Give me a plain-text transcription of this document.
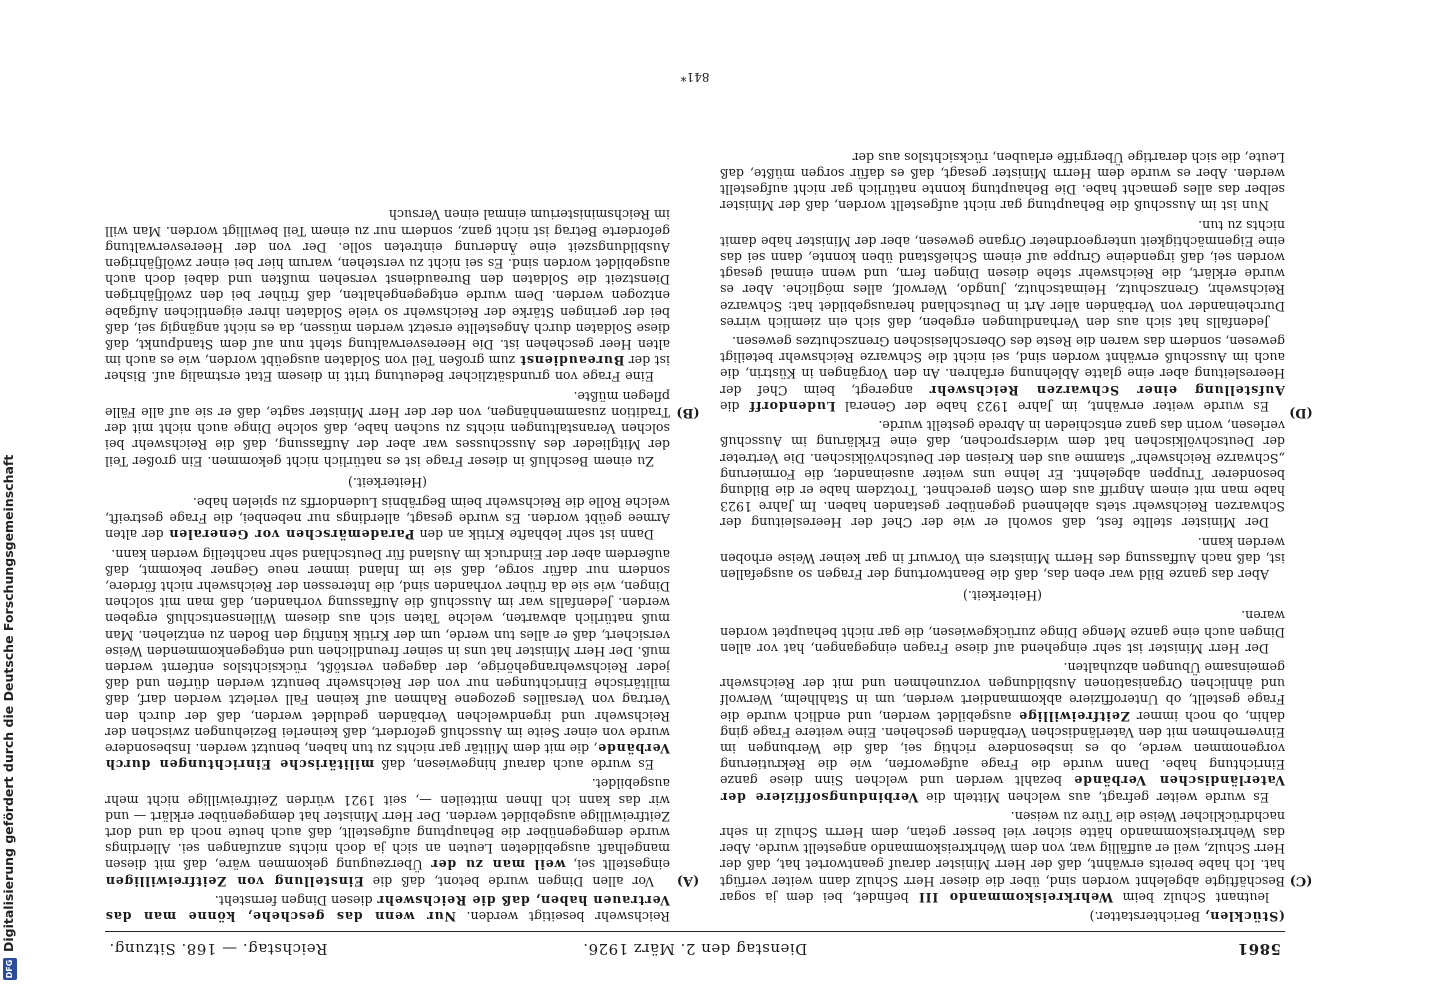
5861
Dienstag den 2. März 1926.
Reichstag. — 168. Sitzung.

(Stücklen, Berichterstatter.)

leutnant Schulz beim Wehrkreiskommando III befindet, bei dem ja sogar Beschäftigte abgelehnt worden sind, über die dieser Herr Schulz dann weiter verfügt hat. Ich habe bereits erwähnt, daß der Herr Minister darauf geantwortet hat, daß der Herr Schulz, weil er auffällig war, von dem Wehrkreiskommando angestellt wurde. Aber das Wehrkreiskommando hätte sicher viel besser getan, dem Herrn Schulz in sehr nachdrücklicher Weise die Türe zu weisen.

Es wurde weiter gefragt, aus welchen Mitteln die Verbindungsoffiziere der Vaterländischen Verbände bezahlt werden und welchen Sinn diese ganze Einrichtung habe. Dann wurde die Frage aufgeworfen, wie die Rekrutierung vorgenommen werde, ob es insbesondere richtig sei, daß die Werbungen im Einvernehmen mit den Vaterländischen Verbänden geschehen. Eine weitere Frage ging dahin, ob noch immer Zeitfreiwillige ausgebildet werden, und endlich wurde die Frage gestellt, ob Unteroffiziere abkommandiert werden, um in Stahlhelm, Werwolf und ähnlichen Organisationen Ausbildungen vorzunehmen und mit der Reichswehr gemeinsame Übungen abzuhalten.

Der Herr Minister ist sehr eingehend auf diese Fragen eingegangen, hat vor allen Dingen auch eine ganze Menge Dinge zurückgewiesen, die gar nicht behauptet worden waren.

(Heiterkeit.)

Aber das ganze Bild war eben das, daß die Beantwortung der Fragen so ausgefallen ist, daß nach Auffassung des Herrn Ministers ein Vorwurf in gar keiner Weise erhoben werden kann.

Der Minister stellte fest, daß sowohl er wie der Chef der Heeresleitung der Schwarzen Reichswehr stets ablehnend gegenüber gestanden haben. Im Jahre 1923 habe man mit einem Angriff aus dem Osten gerechnet. Trotzdem habe er die Bildung besonderer Truppen abgelehnt. Er lehne uns weiter auseinander, die Formierung „Schwarze Reichswehr“ stamme aus den Kreisen der Deutschvölkischen. Die Vertreter der Deutschvölkischen hat dem widersprochen, daß eine Erklärung im Ausschuß verlesen, worin das ganz entschieden in Abrede gestellt wurde.

Es wurde weiter erwähnt, im Jahre 1923 habe der General Ludendorff die Aufstellung einer Schwarzen Reichswehr angeregt, beim Chef der Heeresleitung aber eine glatte Ablehnung erfahren. An den Vorgängen in Küstrin, die auch im Ausschuß erwähnt worden sind, sei nicht die Schwarze Reichswehr beteiligt gewesen, sondern das waren die Reste des Oberschlesischen Grenzschutzes gewesen.

Jedenfalls hat sich aus den Verhandlungen ergeben, daß sich ein ziemlich wirres Durcheinander von Verbänden aller Art in Deutschland herausgebildet hat: Schwarze Reichswehr, Grenzschutz, Heimatschutz, Jungdo, Werwolf, alles mögliche. Aber es wurde erklärt, die Reichswehr stehe diesen Dingen fern, und wenn einmal gesagt worden sei, daß irgendeine Gruppe auf einem Schießstand üben konnte, dann sei das eine Eigenmächtigkeit untergeordneter Organe gewesen, aber der Minister habe damit nichts zu tun.

Nun ist im Ausschuß die Behauptung gar nicht aufgestellt worden, daß der Minister selber das alles gemacht habe. Die Behauptung konnte natürlich gar nicht aufgestellt werden. Aber es wurde dem Herrn Minister gesagt, daß es dafür sorgen müßte, daß Leute, die sich derartige Übergriffe erlauben, rücksichtslos aus der

Reichswehr beseitigt werden. Nur wenn das geschehe, könne man das Vertrauen haben, daß die Reichswehr diesen Dingen fernsteht.

Vor allen Dingen wurde betont, daß die Einstellung von Zeitfreiwilligen eingestellt sei, weil man zu der Überzeugung gekommen wäre, daß mit diesen mangelhaft ausgebildeten Leuten an sich ja doch nichts anzufangen sei. Allerdings wurde demgegenüber die Behauptung aufgestellt, daß auch heute noch da und dort Zeitfreiwillige ausgebildet werden. Der Herr Minister hat demgegenüber erklärt — und wir das kann ich Ihnen mitteilen —, seit 1921 würden Zeitfreiwillige nicht mehr ausgebildet.

Es wurde auch darauf hingewiesen, daß militärische Einrichtungen durch Verbände, die mit dem Militär gar nichts zu tun haben, benutzt werden. Insbesondere wurde von einer Seite im Ausschuß gefordert, daß keinerlei Beziehungen zwischen der Reichswehr und irgendwelchen Verbänden geduldet werden, daß der durch den Vertrag von Versailles gezogene Rahmen auf keinen Fall verletzt werden darf, daß militärische Einrichtungen nur von der Reichswehr benutzt werden dürfen und daß jeder Reichswehrangehörige, der dagegen verstößt, rücksichtslos entfernt werden muß. Der Herr Minister hat uns in seiner freundlichen und entgegenkommenden Weise versichert, daß er alles tun werde, um der Kritik künftig den Boden zu entziehen. Man muß natürlich abwarten, welche Taten sich aus diesem Willensentschluß ergeben werden. Jedenfalls war im Ausschuß die Auffassung vorhanden, daß man mit solchen Dingen, wie sie da früher vorhanden sind, die Interessen der Reichswehr nicht fördere, sondern nur dafür sorge, daß sie im Inland immer neue Gegner bekommt, daß außerdem aber der Eindruck im Ausland für Deutschland sehr nachteilig werden kann.

Dann ist sehr lebhafte Kritik an den Parademärschen vor Generalen der alten Armee geübt worden. Es wurde gesagt, allerdings nur nebenbei, die Frage gestreift, welche Rolle die Reichswehr beim Begräbnis Ludendorffs zu spielen habe.

(Heiterkeit.)

Zu einem Beschluß in dieser Frage ist es natürlich nicht gekommen. Ein großer Teil der Mitglieder des Ausschusses war aber der Auffassung, daß die Reichswehr bei solchen Veranstaltungen nichts zu suchen habe, daß solche Dinge auch nicht mit der Tradition zusammenhängen, von der der Herr Minister sagte, daß er sie auf alle Fälle pflegen müßte.

Eine Frage von grundsätzlicher Bedeutung tritt in diesem Etat erstmalig auf. Bisher ist der Bureaudienst zum großen Teil von Soldaten ausgeübt worden, wie es auch im alten Heer geschehen ist. Die Heeresverwaltung steht nun auf dem Standpunkt, daß diese Soldaten durch Angestellte ersetzt werden müssen, da es nicht angängig sei, daß bei der geringen Stärke der Reichswehr so viele Soldaten ihrer eigentlichen Aufgabe entzogen werden. Dem wurde entgegengehalten, daß früher bei den zwölfjährigen Dienstzeit die Soldaten den Bureaudienst versehen mußten und dabei doch auch ausgebildet worden sind. Es sei nicht zu verstehen, warum hier bei einer zwölfjährigen Ausbildungszeit eine Änderung eintreten solle. Der von der Heeresverwaltung geforderte Betrag ist nicht ganz, sondern nur zu einem Teil bewilligt worden. Man will im Reichsministerium einmal einen Versuch

(A)
(B)
(C)
(D)
841*
DFGDigitalisierung gefördert durch die Deutsche Forschungsgemeinschaft
